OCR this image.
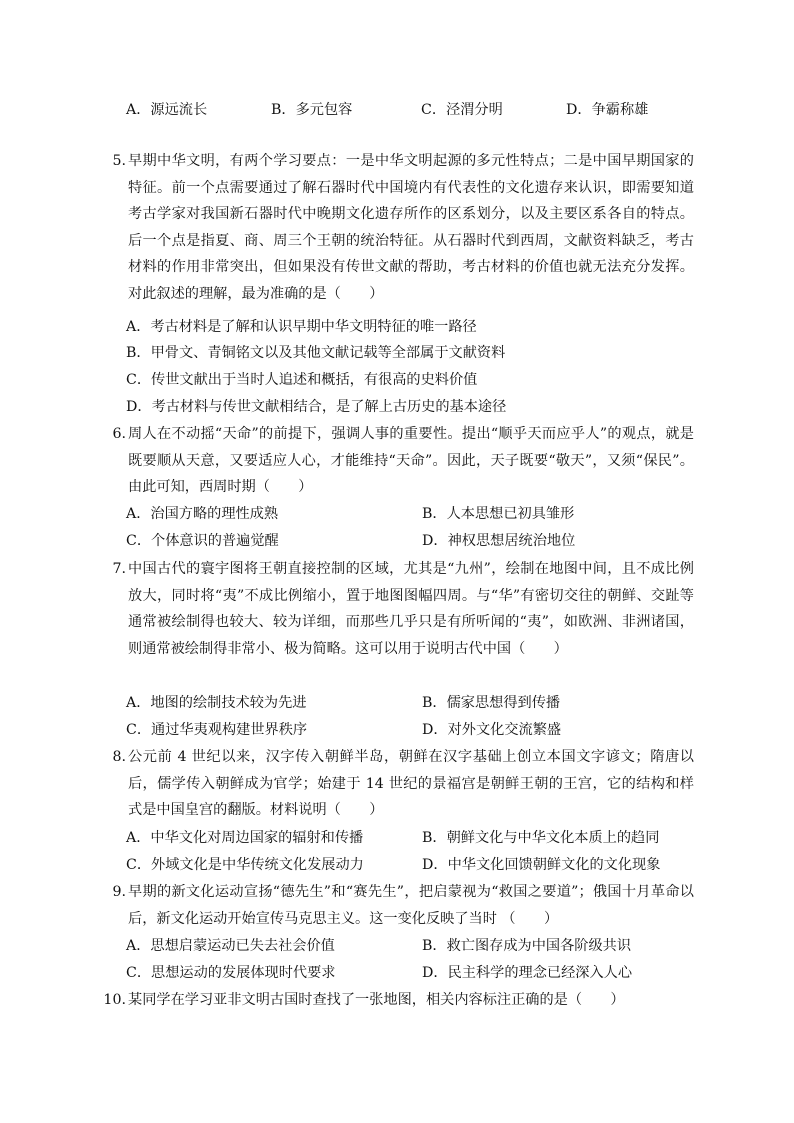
A．源远流长	B．多元包容	C．泾渭分明	D．争霸称雄
5. 早期中华文明，有两个学习要点：一是中华文明起源的多元性特点；二是中国早期国家的特征。前一个点需要通过了解石器时代中国境内有代表性的文化遗存来认识，即需要知道考古学家对我国新石器时代中晚期文化遗存所作的区系划分，以及主要区系各自的特点。后一个点是指夏、商、周三个王朝的统治特征。从石器时代到西周，文献资料缺乏，考古材料的作用非常突出，但如果没有传世文献的帮助，考古材料的价值也就无法充分发挥。对此叙述的理解，最为准确的是（　　）
A．考古材料是了解和认识早期中华文明特征的唯一路径
B．甲骨文、青铜铭文以及其他文献记载等全部属于文献资料
C．传世文献出于当时人追述和概括，有很高的史料价值
D．考古材料与传世文献相结合，是了解上古历史的基本途径
6. 周人在不动摇“天命”的前提下，强调人事的重要性。提出“顺乎天而应乎人”的观点，就是既要顺从天意，又要适应人心，才能维持“天命”。因此，天子既要“敬天”，又须“保民”。由此可知，西周时期（　　）
A．治国方略的理性成熟	B．人本思想已初具雏形
C．个体意识的普遍觉醒	D．神权思想居统治地位
7. 中国古代的寰宇图将王朝直接控制的区域，尤其是“九州”，绘制在地图中间，且不成比例放大，同时将“夷”不成比例缩小，置于地图图幅四周。与“华”有密切交往的朝鲜、交趾等通常被绘制得也较大、较为详细，而那些几乎只是有所听闻的“夷”，如欧洲、非洲诸国，则通常被绘制得非常小、极为简略。这可以用于说明古代中国（　　）
A．地图的绘制技术较为先进	B．儒家思想得到传播
C．通过华夷观构建世界秩序	D．对外文化交流繁盛
8. 公元前 4 世纪以来，汉字传入朝鲜半岛，朝鲜在汉字基础上创立本国文字谚文；隋唐以后，儒学传入朝鲜成为官学；始建于 14 世纪的景福宫是朝鲜王朝的王宫，它的结构和样式是中国皇宫的翻版。材料说明（　　）
A．中华文化对周边国家的辐射和传播	B．朝鲜文化与中华文化本质上的趋同
C．外域文化是中华传统文化发展动力	D．中华文化回馈朝鲜文化的文化现象
9. 早期的新文化运动宣扬“德先生”和“赛先生”，把启蒙视为“救国之要道”；俄国十月革命以后，新文化运动开始宣传马克思主义。这一变化反映了当时 （　　）
A．思想启蒙运动已失去社会价值	B．救亡图存成为中国各阶级共识
C．思想运动的发展体现时代要求	D．民主科学的理念已经深入人心
10. 某同学在学习亚非文明古国时查找了一张地图，相关内容标注正确的是（　　）
